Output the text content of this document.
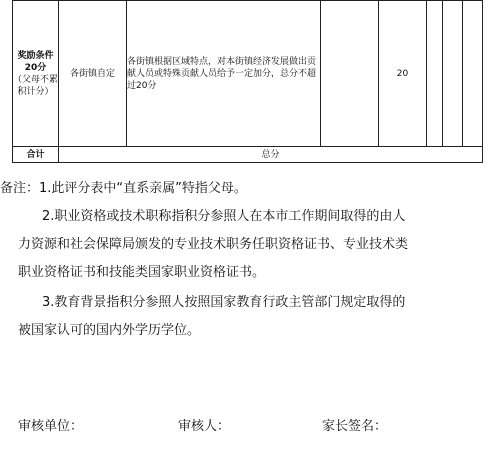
奖励条件20分
（父母不累积计分）	各街镇自定	各街镇根据区域特点，对本街镇经济发展做出贡献人员或特殊贡献人员给予一定加分，总分不超过20分		20			
合计	总分						
备注：1.此评分表中“直系亲属”特指父母。
2.职业资格或技术职称指积分参照人在本市工作期间取得的由人
力资源和社会保障局颁发的专业技术职务任职资格证书、专业技术类
职业资格证书和技能类国家职业资格证书。
3.教育背景指积分参照人按照国家教育行政主管部门规定取得的
被国家认可的国内外学历学位。
审核单位：	审核人：	家长签名：
